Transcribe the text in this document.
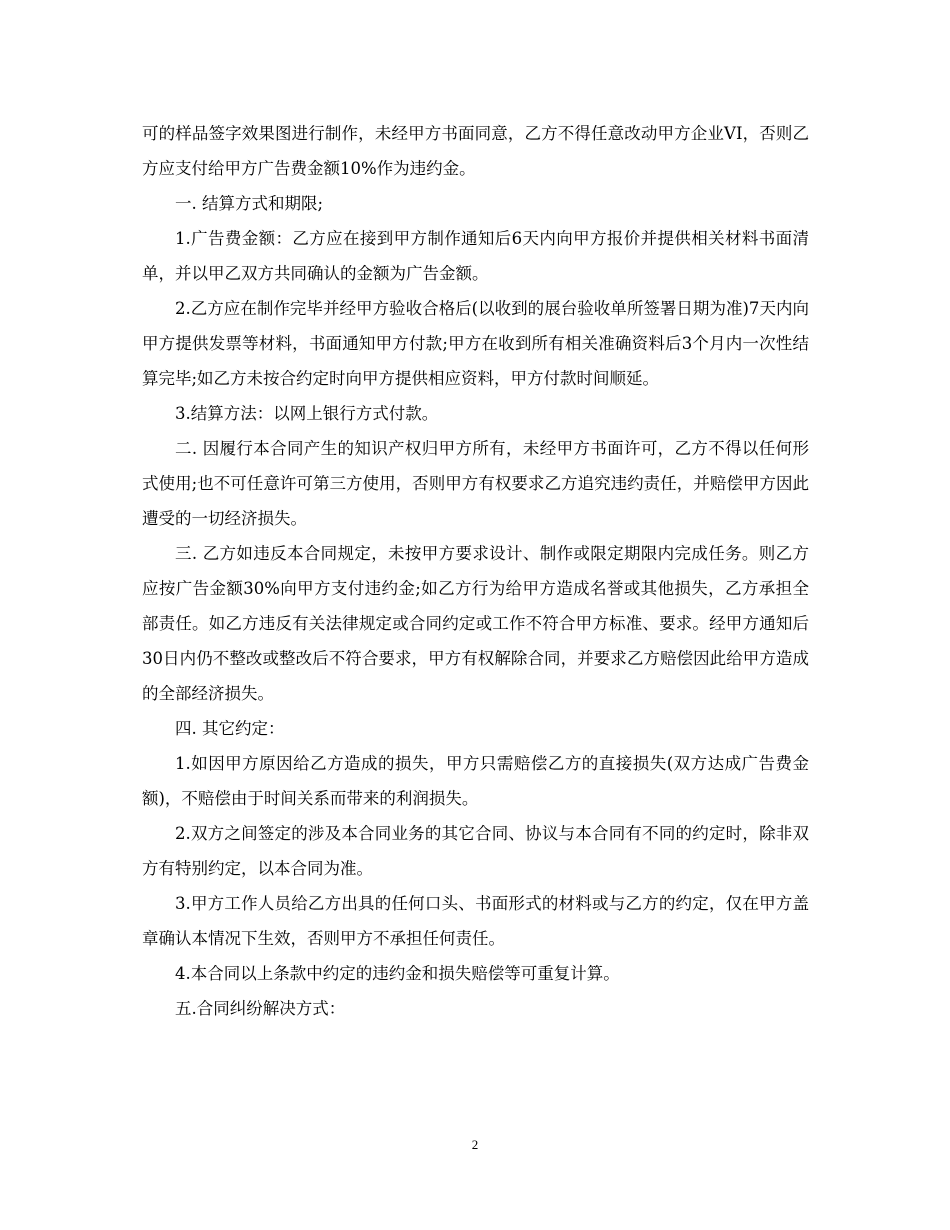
可的样品签字效果图进行制作，未经甲方书面同意，乙方不得任意改动甲方企业VI，否则乙方应支付给甲方广告费金额10%作为违约金。

一. 结算方式和期限;

1.广告费金额：乙方应在接到甲方制作通知后6天内向甲方报价并提供相关材料书面清单，并以甲乙双方共同确认的金额为广告金额。

2.乙方应在制作完毕并经甲方验收合格后(以收到的展台验收单所签署日期为准)7天内向甲方提供发票等材料，书面通知甲方付款;甲方在收到所有相关准确资料后3个月内一次性结算完毕;如乙方未按合约定时向甲方提供相应资料，甲方付款时间顺延。

3.结算方法：以网上银行方式付款。

二. 因履行本合同产生的知识产权归甲方所有，未经甲方书面许可，乙方不得以任何形式使用;也不可任意许可第三方使用，否则甲方有权要求乙方追究违约责任，并赔偿甲方因此遭受的一切经济损失。

三. 乙方如违反本合同规定，未按甲方要求设计、制作或限定期限内完成任务。则乙方应按广告金额30%向甲方支付违约金;如乙方行为给甲方造成名誉或其他损失，乙方承担全部责任。如乙方违反有关法律规定或合同约定或工作不符合甲方标准、要求。经甲方通知后30日内仍不整改或整改后不符合要求，甲方有权解除合同，并要求乙方赔偿因此给甲方造成的全部经济损失。

四. 其它约定：

1.如因甲方原因给乙方造成的损失，甲方只需赔偿乙方的直接损失(双方达成广告费金额)，不赔偿由于时间关系而带来的利润损失。

2.双方之间签定的涉及本合同业务的其它合同、协议与本合同有不同的约定时，除非双方有特别约定，以本合同为准。

3.甲方工作人员给乙方出具的任何口头、书面形式的材料或与乙方的约定，仅在甲方盖章确认本情况下生效，否则甲方不承担任何责任。

4.本合同以上条款中约定的违约金和损失赔偿等可重复计算。

五.合同纠纷解决方式：

2
